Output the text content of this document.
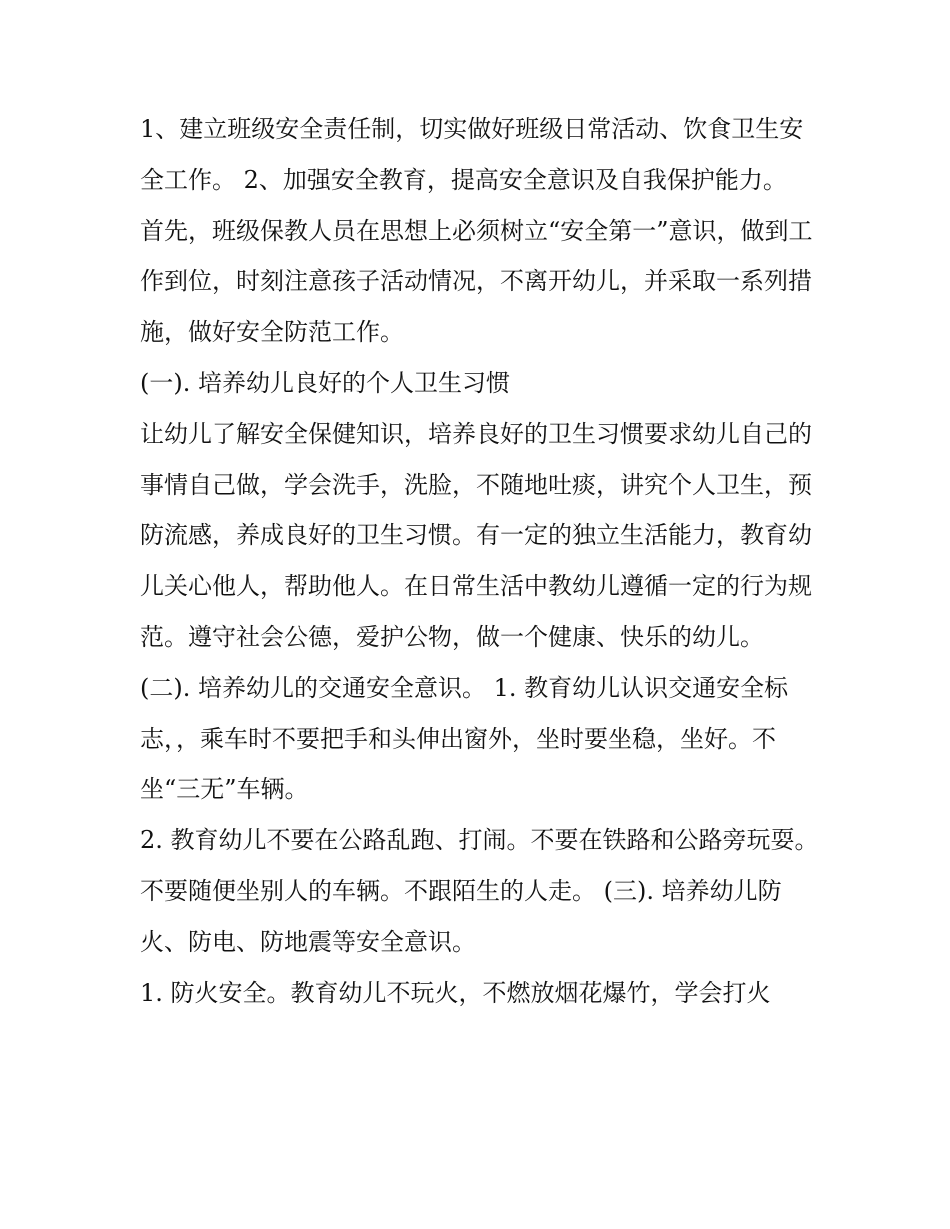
1、建立班级安全责任制，切实做好班级日常活动、饮食卫生安全工作。 2、加强安全教育，提高安全意识及自我保护能力。

首先，班级保教人员在思想上必须树立“安全第一”意识，做到工作到位，时刻注意孩子活动情况，不离开幼儿，并采取一系列措施，做好安全防范工作。

(一). 培养幼儿良好的个人卫生习惯

让幼儿了解安全保健知识，培养良好的卫生习惯要求幼儿自己的事情自己做，学会洗手，洗脸，不随地吐痰，讲究个人卫生，预防流感，养成良好的卫生习惯。有一定的独立生活能力，教育幼儿关心他人，帮助他人。在日常生活中教幼儿遵循一定的行为规范。遵守社会公德，爱护公物，做一个健康、快乐的幼儿。

(二). 培养幼儿的交通安全意识。 1. 教育幼儿认识交通安全标志，，乘车时不要把手和头伸出窗外，坐时要坐稳，坐好。不坐“三无”车辆。

2. 教育幼儿不要在公路乱跑、打闹。不要在铁路和公路旁玩耍。不要随便坐别人的车辆。不跟陌生的人走。 (三). 培养幼儿防火、防电、防地震等安全意识。

1. 防火安全。教育幼儿不玩火，不燃放烟花爆竹，学会打火
